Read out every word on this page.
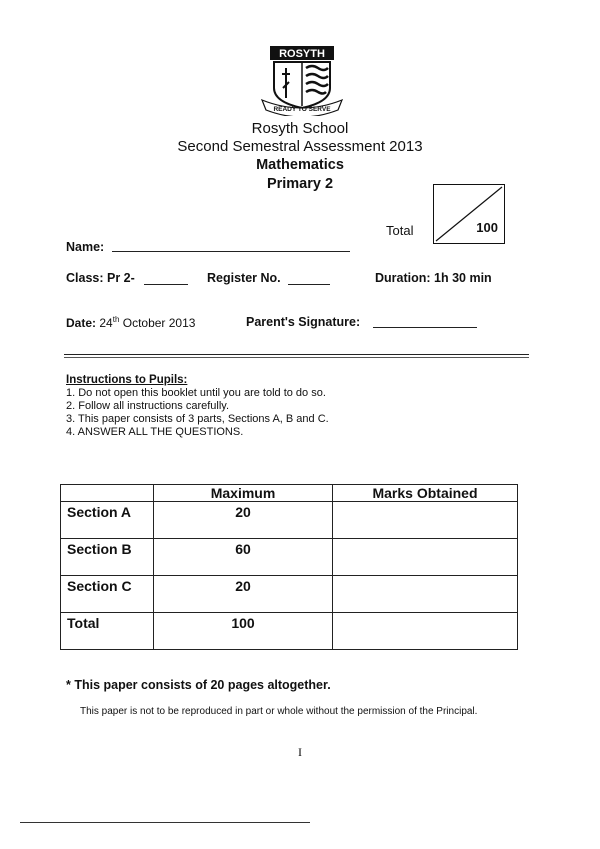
ROSYTH
READY TO SERVE
Rosyth School
Second Semestral Assessment 2013
Mathematics
Primary 2
Total	100
Name:
Class: Pr 2-	Register No.	Duration: 1h 30 min
Date: 24th October 2013	Parent's Signature:
Instructions to Pupils:
1. Do not open this booklet until you are told to do so.
2. Follow all instructions carefully.
3. This paper consists of 3 parts, Sections A, B and C.
4. ANSWER ALL THE QUESTIONS.
	Maximum	Marks Obtained
Section A	20	
Section B	60	
Section C	20	
Total	100	
* This paper consists of 20 pages altogether.
This paper is not to be reproduced in part or whole without the permission of the Principal.
I
